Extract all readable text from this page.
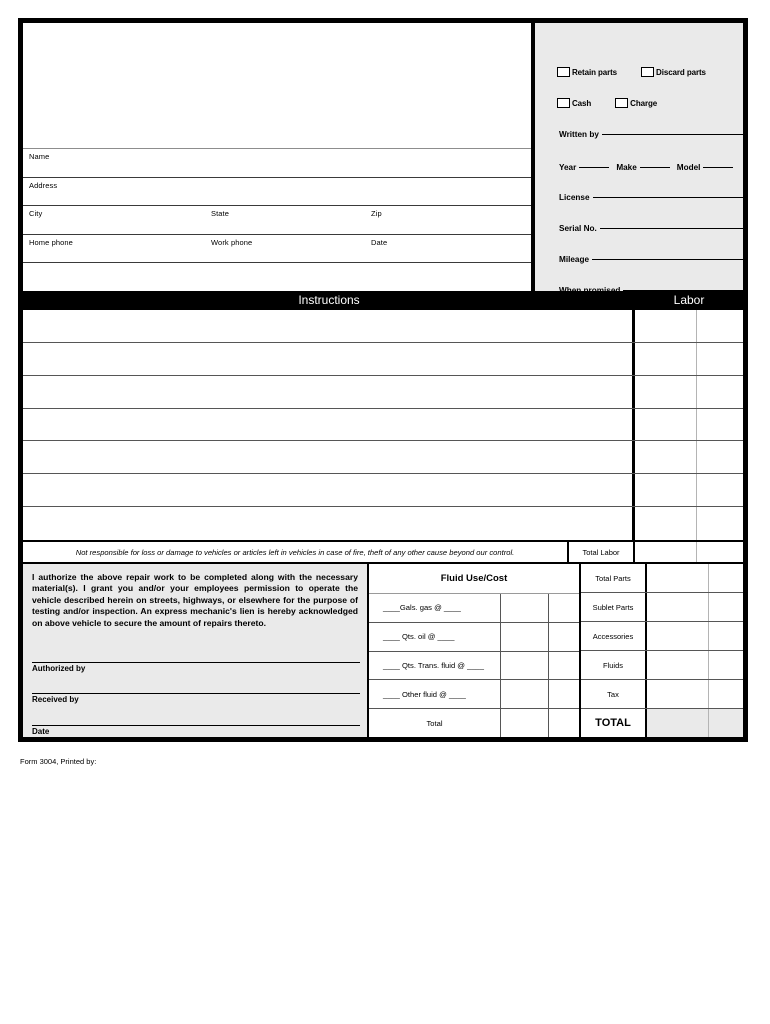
Name
Address
City	State	Zip
Home phone	Work phone	Date
Retain parts	Discard parts
Cash	Charge
Written by
Year	Make	Model
License
Serial No.
Mileage
Instructions	Labor
Not responsible for loss or damage to vehicles or articles left in vehicles in case of fire, theft of any other cause beyond our control.	Total Labor

I authorize the above repair work to be completed along with the necessary material(s). I grant you and/or your employees permission to operate the vehicle described herein on streets, highways, or elsewhere for the purpose of testing and/or inspection. An express mechanic's lien is hereby acknowledged on above vehicle to secure the amount of repairs thereto.

Authorized by
Received by
Date
Fluid Use/Cost
____Gals. gas @ ____
____ Qts. oil @ ____
____ Qts. Trans. fluid @ ____
____ Other fluid @ ____
Total
Total Parts
Sublet Parts
Accessories
Fluids
Tax
TOTAL
Form 3004, Printed by:
